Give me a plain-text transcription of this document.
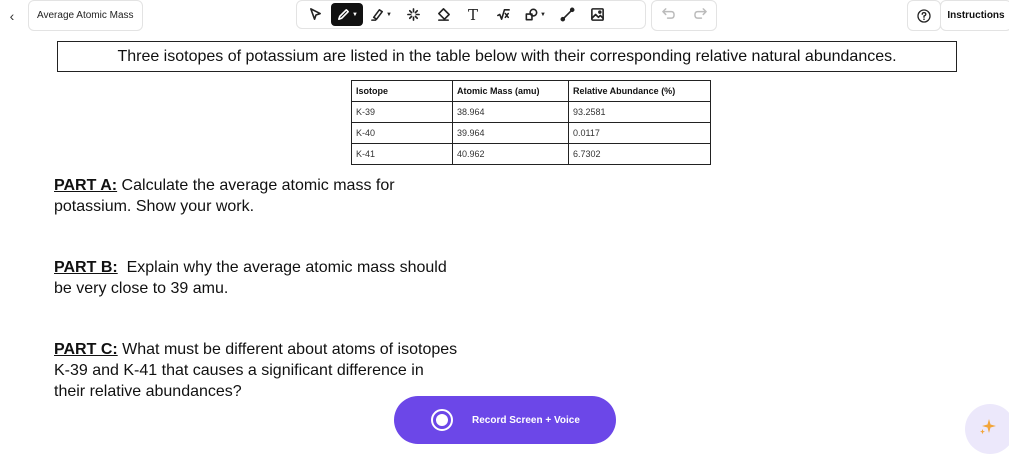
‹ Average Atomic Mass	▼	▼	T	▼	Instructions
Three isotopes of potassium are listed in the table below with their corresponding relative natural abundances.
Isotope	Atomic Mass (amu)	Relative Abundance (%)
K-39	38.964	93.2581
K-40	39.964	0.0117
K-41	40.962	6.7302
PART A: Calculate the average atomic mass for
potassium. Show your work.
PART B:  Explain why the average atomic mass should
be very close to 39 amu.
PART C: What must be different about atoms of isotopes
K-39 and K-41 that causes a significant difference in
their relative abundances?
Record Screen + Voice
